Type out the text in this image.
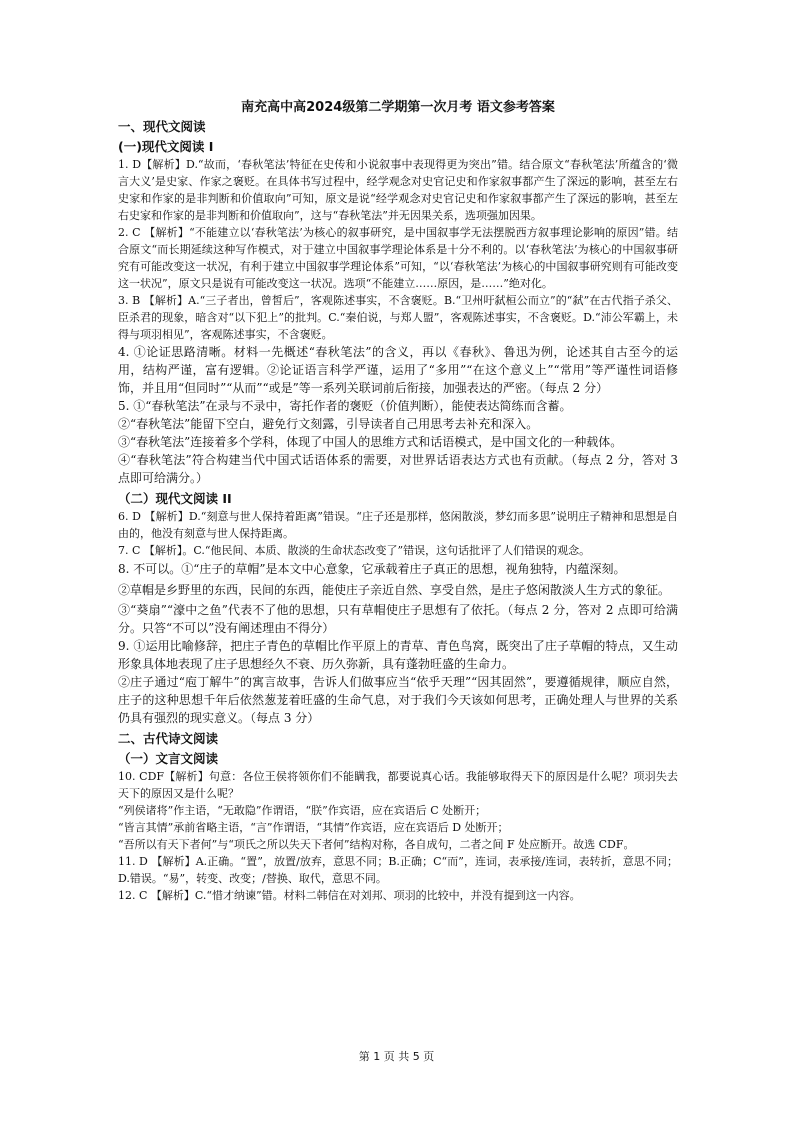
南充高中高2024级第二学期第一次月考 语文参考答案
一、现代文阅读
(一)现代文阅读 I

1. D【解析】D.“故而，‘春秋笔法’特征在史传和小说叙事中表现得更为突出”错。结合原文“春秋笔法’所蕴含的‘微言大义’是史家、作家之褒贬。在具体书写过程中，经学观念对史官记史和作家叙事都产生了深远的影响，甚至左右史家和作家的是非判断和价值取向”可知，原文是说“经学观念对史官记史和作家叙事都产生了深远的影响，甚至左右史家和作家的是非判断和价值取向”，这与“春秋笔法”并无因果关系，选项强加因果。

2. C 【解析】“不能建立以‘春秋笔法’为核心的叙事研究，是中国叙事学无法摆脱西方叙事理论影响的原因”错。结合原文“而长期延续这种写作模式，对于建立中国叙事学理论体系是十分不利的。以‘春秋笔法’为核心的中国叙事研究有可能改变这一状况，有利于建立中国叙事学理论体系”可知，“以‘春秋笔法’为核心的中国叙事研究则有可能改变这一状况”，原文只是说有可能改变这一状况。选项“不能建立……原因，是……”绝对化。

3. B 【解析】A.“三子者出，曾皙后”，客观陈述事实，不含褒贬。B.“卫州吁弑桓公而立”的“弑”在古代指子杀父、臣杀君的现象，暗含对“以下犯上”的批判。C.“秦伯说，与郑人盟”，客观陈述事实，不含褒贬。D.“沛公军霸上，未得与项羽相见”，客观陈述事实，不含褒贬。

4. ①论证思路清晰。材料一先概述“春秋笔法”的含义，再以《春秋》、鲁迅为例，论述其自古至今的运用，结构严谨，富有逻辑。②论证语言科学严谨，运用了“多用”“在这个意义上”“常用”等严谨性词语修饰，并且用“但同时”“从而”“或是”等一系列关联词前后衔接，加强表达的严密。（每点 2 分）

5. ①“春秋笔法”在录与不录中，寄托作者的褒贬（价值判断），能使表达简练而含蓄。

②“春秋笔法”能留下空白，避免行文刻露，引导读者自己用思考去补充和深入。

③“春秋笔法”连接着多个学科，体现了中国人的思维方式和话语模式，是中国文化的一种载体。

④“春秋笔法”符合构建当代中国式话语体系的需要，对世界话语表达方式也有贡献。（每点 2 分，答对 3 点即可给满分。）

（二）现代文阅读 II

6. D 【解析】D.“刻意与世人保持着距离”错误。“庄子还是那样，悠闲散淡，梦幻而多思”说明庄子精神和思想是自由的，他没有刻意与世人保持距离。

7. C 【解析】。C.“他民间、本质、散淡的生命状态改变了”错误，这句话批评了人们错误的观念。

8. 不可以。①“庄子的草帽”是本文中心意象，它承载着庄子真正的思想，视角独特，内蕴深刻。

②草帽是乡野里的东西，民间的东西，能使庄子亲近自然、享受自然，是庄子悠闲散淡人生方式的象征。

③“葵扇”“濠中之鱼”代表不了他的思想，只有草帽使庄子思想有了依托。（每点 2 分，答对 2 点即可给满分。只答“不可以”没有阐述理由不得分）

9. ①运用比喻修辞，把庄子青色的草帽比作平原上的青草、青色鸟窝，既突出了庄子草帽的特点，又生动形象具体地表现了庄子思想经久不衰、历久弥新，具有蓬勃旺盛的生命力。

②庄子通过“庖丁解牛”的寓言故事，告诉人们做事应当“依乎天理”“因其固然”，要遵循规律，顺应自然，庄子的这种思想千年后依然葱茏着旺盛的生命气息，对于我们今天该如何思考，正确处理人与世界的关系仍具有强烈的现实意义。（每点 3 分）

二、古代诗文阅读
（一）文言文阅读

10. CDF【解析】句意：各位王侯将领你们不能瞒我，都要说真心话。我能够取得天下的原因是什么呢？项羽失去天下的原因又是什么呢？

“列侯诸将”作主语，“无敢隐”作谓语，“朕”作宾语，应在宾语后 C 处断开；

“皆言其情”承前省略主语，“言”作谓语，“其情”作宾语，应在宾语后 D 处断开；

“吾所以有天下者何”与“项氏之所以失天下者何”结构对称，各自成句，二者之间 F 处应断开。故选 CDF。

11. D 【解析】A.正确。“置”，放置/放弃，意思不同；B.正确；C“而”，连词，表承接/连词，表转折，意思不同；D.错误。“易”，转变、改变；/替换、取代，意思不同。

12. C 【解析】C.“惜才纳谏”错。材料二韩信在对刘邦、项羽的比较中，并没有提到这一内容。

第 1 页 共 5 页
